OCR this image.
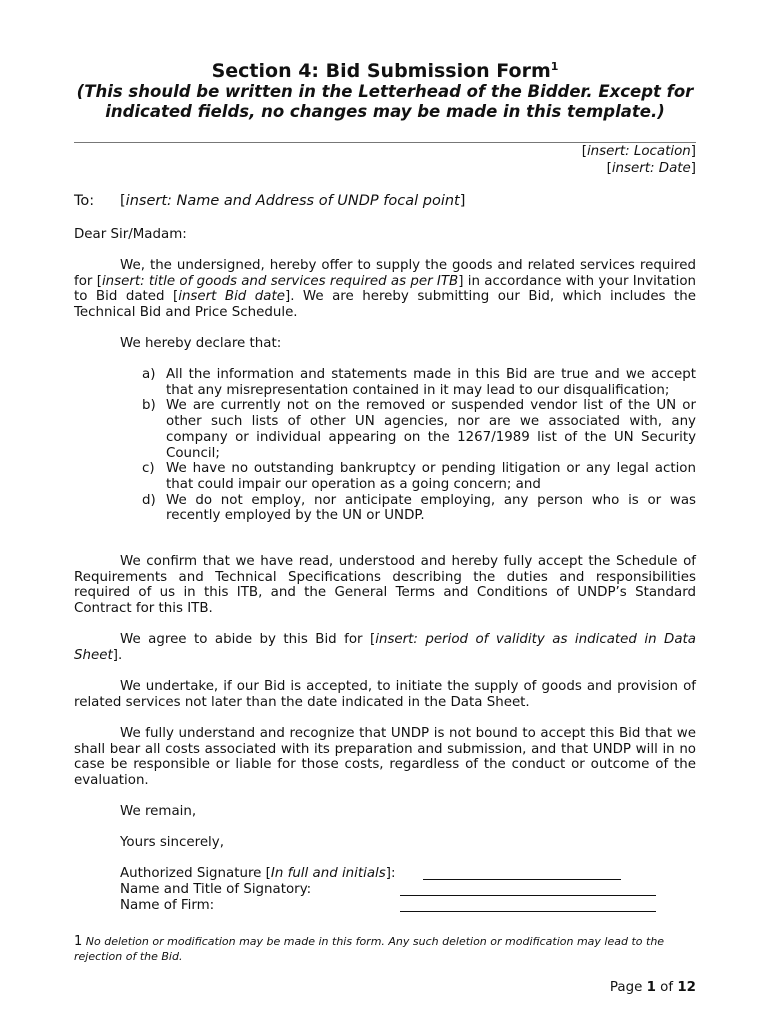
Section 4: Bid Submission Form$^1$
(This should be written in the Letterhead of the Bidder. Except for indicated fields, no changes may be made in this template.)
[insert: Location]
[insert: Date]
To: [insert: Name and Address of UNDP focal point]
Dear Sir/Madam:
We, the undersigned, hereby offer to supply the goods and related services required for [insert: title of goods and services required as per ITB] in accordance with your Invitation to Bid dated [insert Bid date]. We are hereby submitting our Bid, which includes the Technical Bid and Price Schedule.
We hereby declare that:
a) All the information and statements made in this Bid are true and we accept that any misrepresentation contained in it may lead to our disqualification;
b) We are currently not on the removed or suspended vendor list of the UN or other such lists of other UN agencies, nor are we associated with, any company or individual appearing on the 1267/1989 list of the UN Security Council;
c) We have no outstanding bankruptcy or pending litigation or any legal action that could impair our operation as a going concern; and
d) We do not employ, nor anticipate employing, any person who is or was recently employed by the UN or UNDP.
We confirm that we have read, understood and hereby fully accept the Schedule of Requirements and Technical Specifications describing the duties and responsibilities required of us in this ITB, and the General Terms and Conditions of UNDP’s Standard Contract for this ITB.
We agree to abide by this Bid for [insert: period of validity as indicated in Data Sheet].
We undertake, if our Bid is accepted, to initiate the supply of goods and provision of related services not later than the date indicated in the Data Sheet.
We fully understand and recognize that UNDP is not bound to accept this Bid that we shall bear all costs associated with its preparation and submission, and that UNDP will in no case be responsible or liable for those costs, regardless of the conduct or outcome of the evaluation.
We remain,
Yours sincerely,
Authorized Signature [In full and initials]:
Name and Title of Signatory:
Name of Firm:
1 No deletion or modification may be made in this form. Any such deletion or modification may lead to the rejection of the Bid.
Page 1 of 12
